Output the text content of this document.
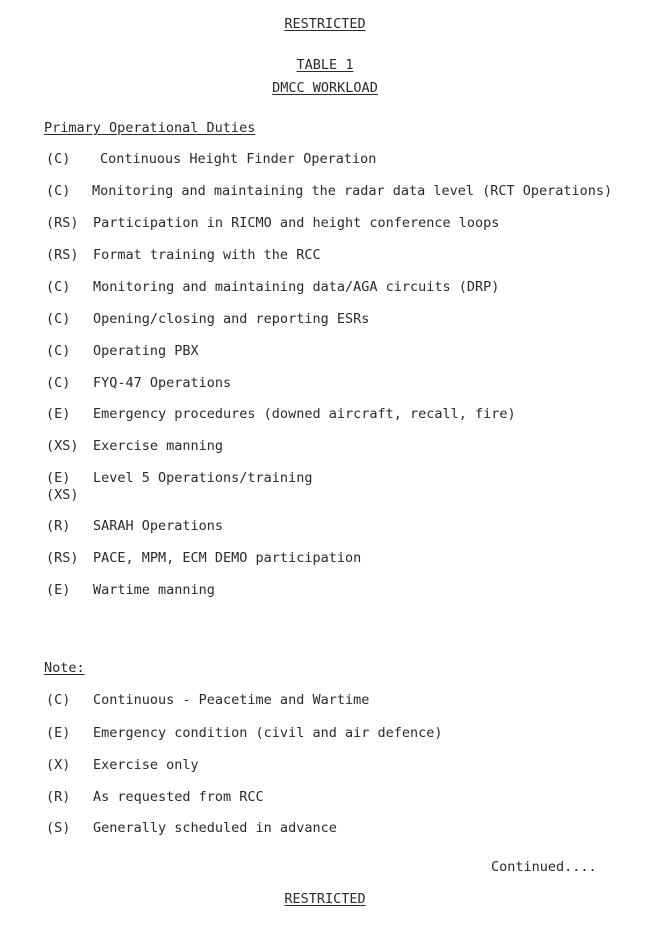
RESTRICTED
TABLE 1
DMCC WORKLOAD
Primary Operational Duties
(C) Continuous Height Finder Operation
(C) Monitoring and maintaining the radar data level (RCT Operations)
(RS) Participation in RICMO and height conference loops
(RS) Format training with the RCC
(C) Monitoring and maintaining data/AGA circuits (DRP)
(C) Opening/closing and reporting ESRs
(C) Operating PBX
(C) FYQ-47 Operations
(E) Emergency procedures (downed aircraft, recall, fire)
(XS) Exercise manning
(E)
(XS)
Level 5 Operations/training
(R) SARAH Operations
(RS) PACE, MPM, ECM DEMO participation
(E) Wartime manning
Note:
(C) Continuous - Peacetime and Wartime
(E) Emergency condition (civil and air defence)
(X) Exercise only
(R) As requested from RCC
(S) Generally scheduled in advance
Continued....
RESTRICTED
